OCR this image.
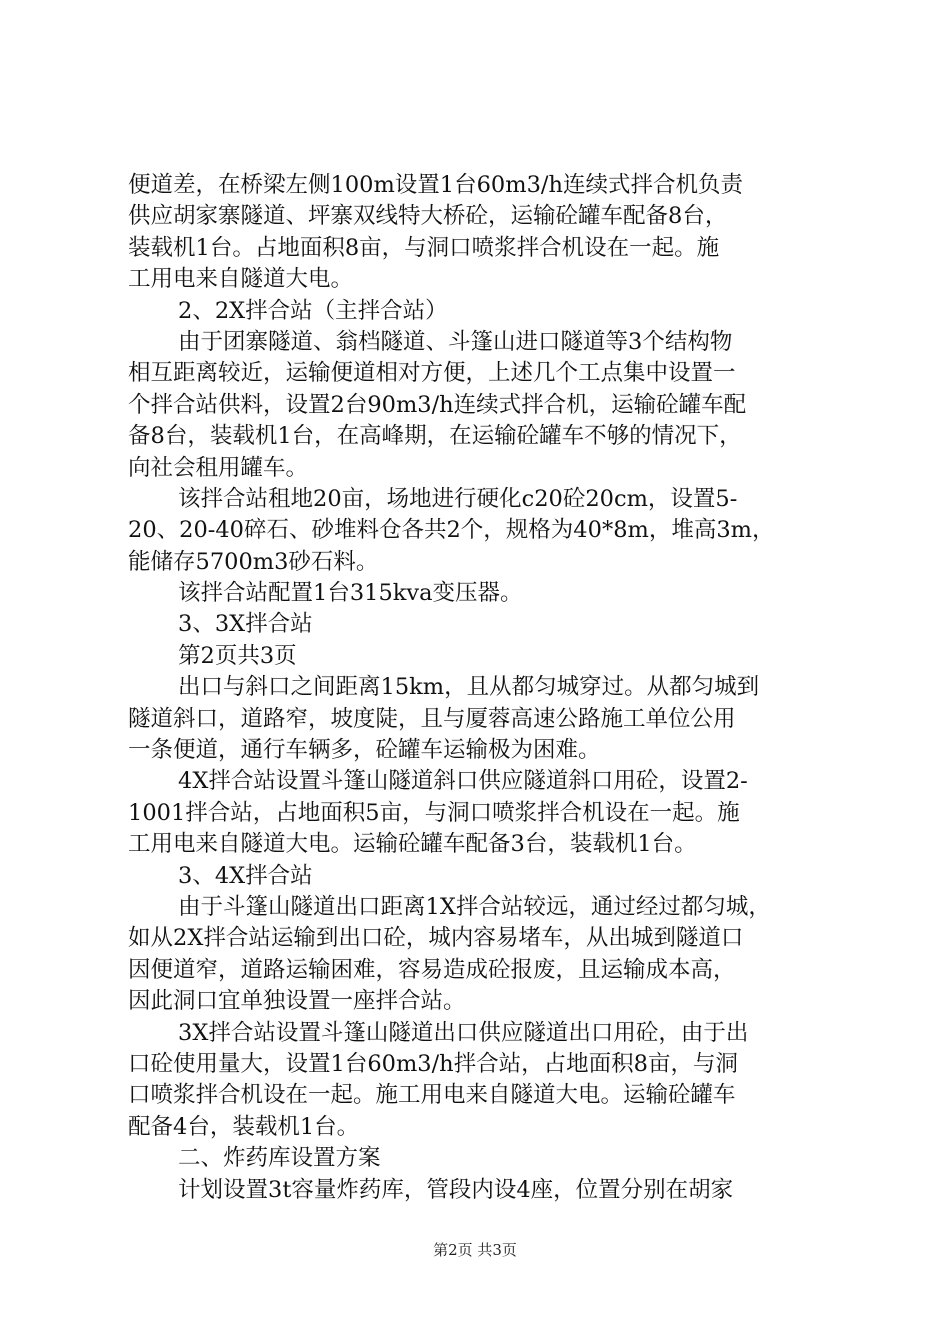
便道差，在桥梁左侧100m设置1台60m3/h连续式拌合机负责
供应胡家寨隧道、坪寨双线特大桥砼，运输砼罐车配备8台，
装载机1台。占地面积8亩，与洞口喷浆拌合机设在一起。施
工用电来自隧道大电。
2、2X拌合站（主拌合站）
由于团寨隧道、翁档隧道、斗篷山进口隧道等3个结构物
相互距离较近，运输便道相对方便，上述几个工点集中设置一
个拌合站供料，设置2台90m3/h连续式拌合机，运输砼罐车配
备8台，装载机1台，在高峰期，在运输砼罐车不够的情况下，
向社会租用罐车。
该拌合站租地20亩，场地进行硬化c20砼20cm，设置5-
20、20-40碎石、砂堆料仓各共2个，规格为40*8m，堆高3m，
能储存5700m3砂石料。
该拌合站配置1台315kva变压器。
3、3X拌合站
第2页共3页
出口与斜口之间距离15km，且从都匀城穿过。从都匀城到
隧道斜口，道路窄，坡度陡，且与厦蓉高速公路施工单位公用
一条便道，通行车辆多，砼罐车运输极为困难。
4X拌合站设置斗篷山隧道斜口供应隧道斜口用砼，设置2-
1001拌合站，占地面积5亩，与洞口喷浆拌合机设在一起。施
工用电来自隧道大电。运输砼罐车配备3台，装载机1台。
3、4X拌合站
由于斗篷山隧道出口距离1X拌合站较远，通过经过都匀城，
如从2X拌合站运输到出口砼，城内容易堵车，从出城到隧道口
因便道窄，道路运输困难，容易造成砼报废，且运输成本高，
因此洞口宜单独设置一座拌合站。
3X拌合站设置斗篷山隧道出口供应隧道出口用砼，由于出
口砼使用量大，设置1台60m3/h拌合站，占地面积8亩，与洞
口喷浆拌合机设在一起。施工用电来自隧道大电。运输砼罐车
配备4台，装载机1台。
二、炸药库设置方案
计划设置3t容量炸药库，管段内设4座，位置分别在胡家
第2页 共3页
